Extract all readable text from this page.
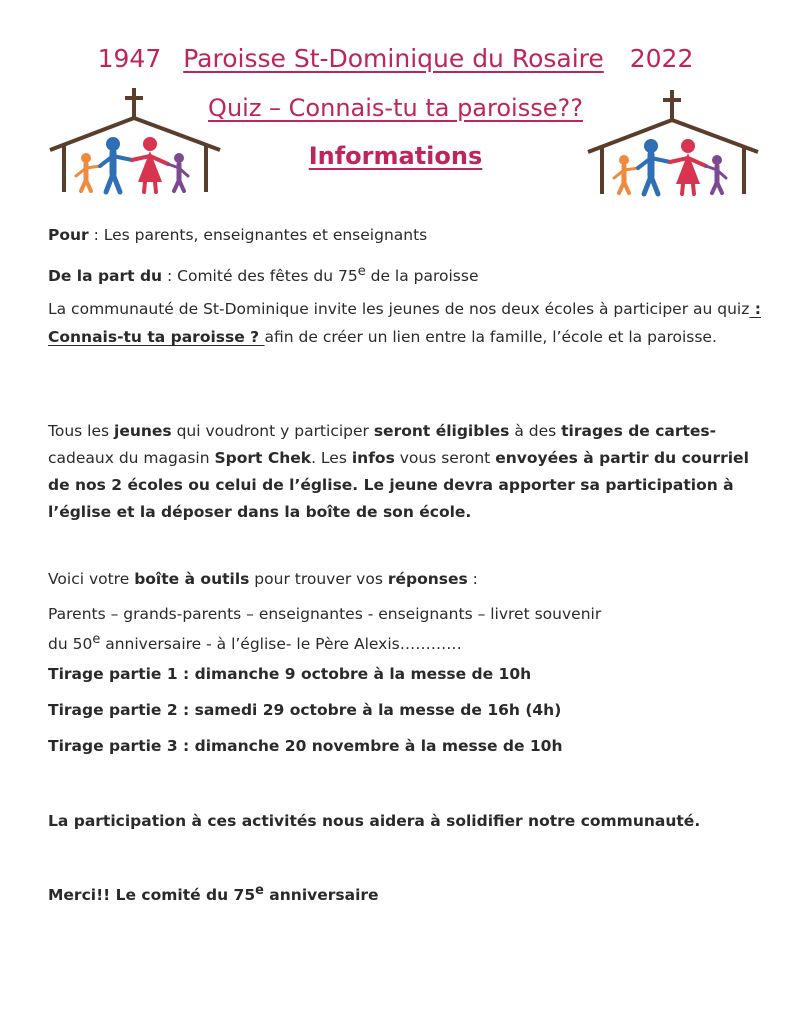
1947 Paroisse St-Dominique du Rosaire 2022
Quiz – Connais-tu ta paroisse??
Informations
Pour : Les parents, enseignantes et enseignants
De la part du : Comité des fêtes du 75e de la paroisse
La communauté de St-Dominique invite les jeunes de nos deux écoles à participer au quiz : Connais-tu ta paroisse ? afin de créer un lien entre la famille, l’école et la paroisse.
Tous les jeunes qui voudront y participer seront éligibles à des tirages de cartes- cadeaux du magasin Sport Chek. Les infos vous seront envoyées à partir du courriel de nos 2 écoles ou celui de l’église. Le jeune devra apporter sa participation à l’église et la déposer dans la boîte de son école.
Voici votre boîte à outils pour trouver vos réponses :
Parents – grands-parents – enseignantes - enseignants – livret souvenir
du 50e anniversaire - à l’église- le Père Alexis…………
Tirage partie 1 : dimanche 9 octobre à la messe de 10h
Tirage partie 2 : samedi 29 octobre à la messe de 16h (4h)
Tirage partie 3 : dimanche 20 novembre à la messe de 10h
La participation à ces activités nous aidera à solidifier notre communauté.
Merci!! Le comité du 75e anniversaire
